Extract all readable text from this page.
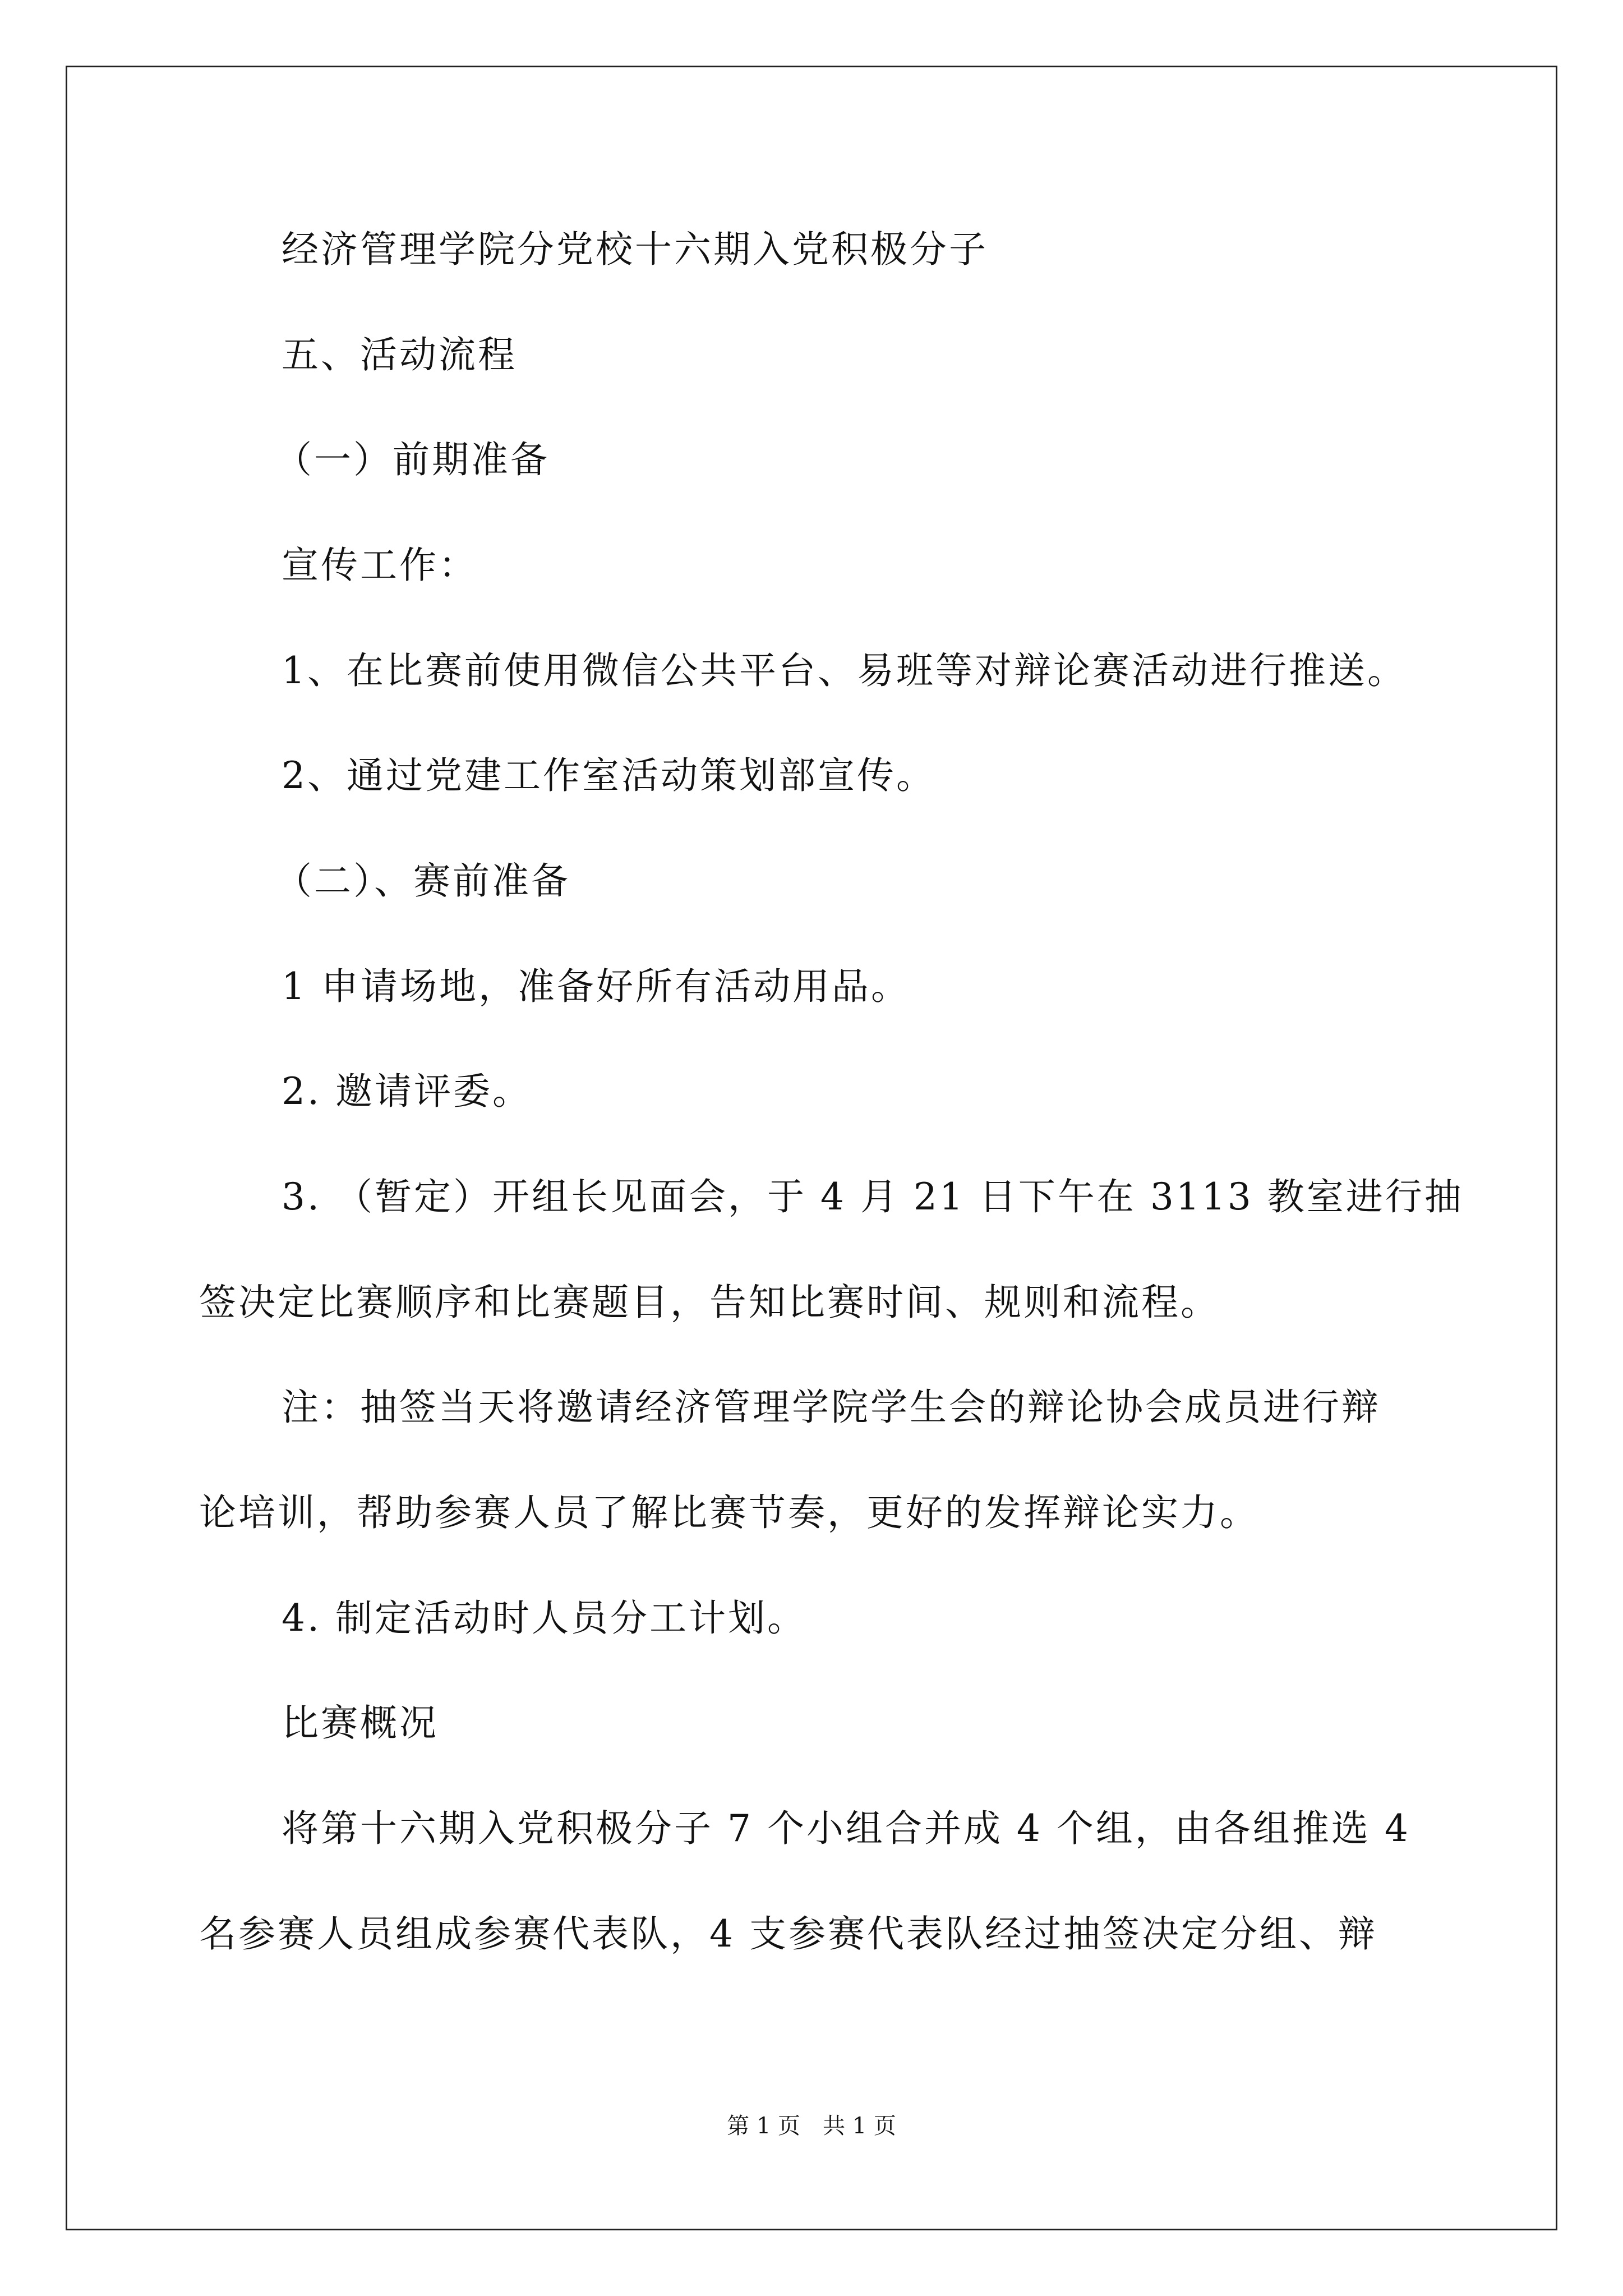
经济管理学院分党校十六期入党积极分子
五、活动流程
（一）前期准备
宣传工作：
1、在比赛前使用微信公共平台、易班等对辩论赛活动进行推送。
2、通过党建工作室活动策划部宣传。
（二）、赛前准备
1 申请场地，准备好所有活动用品。
2. 邀请评委。
3. （暂定）开组长见面会，于 4 月 21 日下午在 3113 教室进行抽
签决定比赛顺序和比赛题目，告知比赛时间、规则和流程。
注：抽签当天将邀请经济管理学院学生会的辩论协会成员进行辩
论培训，帮助参赛人员了解比赛节奏，更好的发挥辩论实力。
4. 制定活动时人员分工计划。
比赛概况
将第十六期入党积极分子 7 个小组合并成 4 个组，由各组推选 4
名参赛人员组成参赛代表队，4 支参赛代表队经过抽签决定分组、辩
第 1 页　共 1 页
